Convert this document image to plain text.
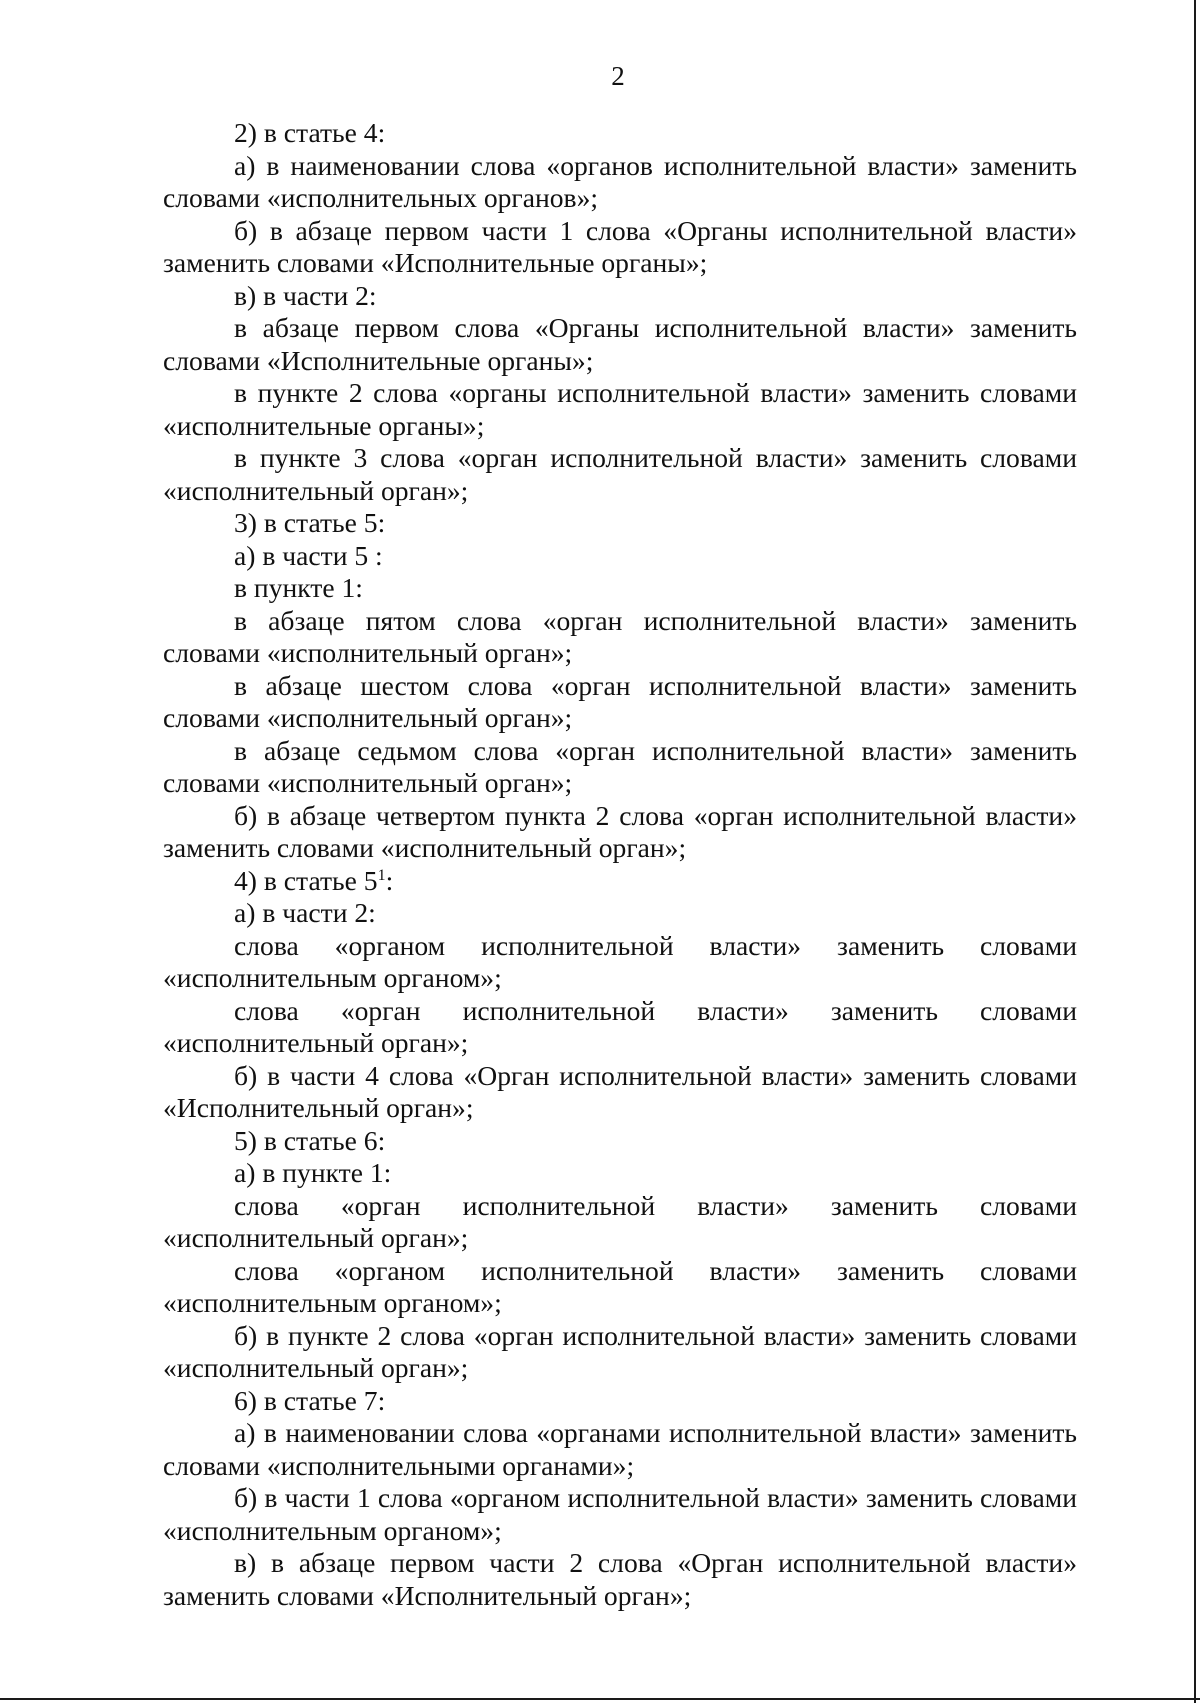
2

2) в статье 4:

а) в наименовании слова «органов исполнительной власти» заменить словами «исполнительных органов»;

б) в абзаце первом части 1 слова «Органы исполнительной власти» заменить словами «Исполнительные органы»;

в) в части 2:

в абзаце первом слова «Органы исполнительной власти» заменить словами «Исполнительные органы»;

в пункте 2 слова «органы исполнительной власти» заменить словами «исполнительные органы»;

в пункте 3 слова «орган исполнительной власти» заменить словами «исполнительный орган»;

3) в статье 5:

а) в части 5 :

в пункте 1:

в абзаце пятом слова «орган исполнительной власти» заменить словами «исполнительный орган»;

в абзаце шестом слова «орган исполнительной власти» заменить словами «исполнительный орган»;

в абзаце седьмом слова «орган исполнительной власти» заменить словами «исполнительный орган»;

б) в абзаце четвертом пункта 2 слова «орган исполнительной власти» заменить словами «исполнительный орган»;

4) в статье $5^1$:

а) в части 2:

слова «органом исполнительной власти» заменить словами «исполнительным органом»;

слова «орган исполнительной власти» заменить словами «исполнительный орган»;

б) в части 4 слова «Орган исполнительной власти» заменить словами «Исполнительный орган»;

5) в статье 6:

а) в пункте 1:

слова «орган исполнительной власти» заменить словами «исполнительный орган»;

слова «органом исполнительной власти» заменить словами «исполнительным органом»;

б) в пункте 2 слова «орган исполнительной власти» заменить словами «исполнительный орган»;

6) в статье 7:

а) в наименовании слова «органами исполнительной власти» заменить словами «исполнительными органами»;

б) в части 1 слова «органом исполнительной власти» заменить словами «исполнительным органом»;

в) в абзаце первом части 2 слова «Орган исполнительной власти» заменить словами «Исполнительный орган»;
